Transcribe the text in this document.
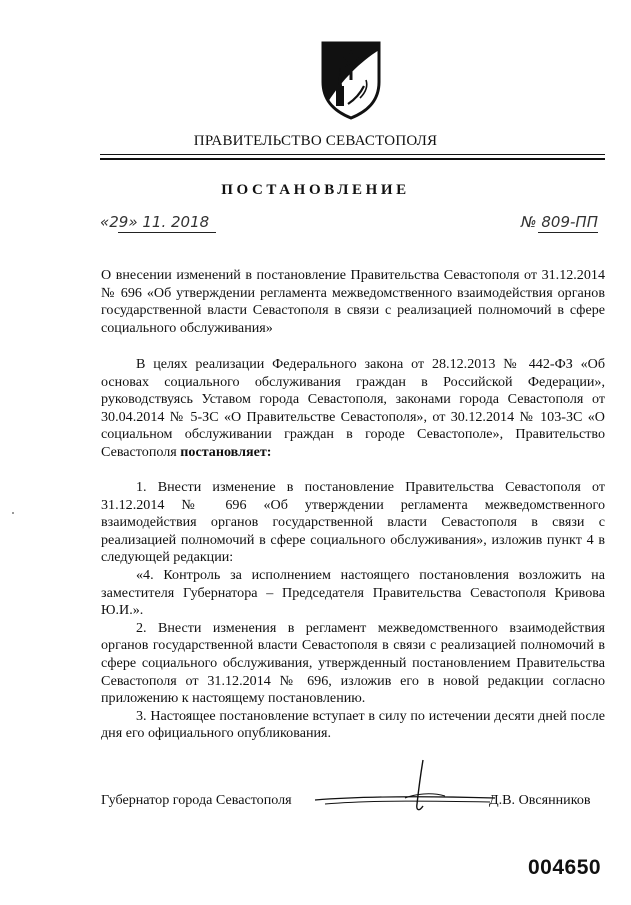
ПРАВИТЕЛЬСТВО СЕВАСТОПОЛЯ
ПОСТАНОВЛЕНИЕ
«29» 11. 2018	№ 809-ПП

О внесении изменений в постановление Правительства Севастополя от 31.12.2014 № 696 «Об утверждении регламента межведомственного взаимодействия органов государственной власти Севастополя в связи с реализацией полномочий в сфере социального обслуживания»

В целях реализации Федерального закона от 28.12.2013 № 442-ФЗ «Об основах социального обслуживания граждан в Российской Федерации», руководствуясь Уставом города Севастополя, законами города Севастополя от 30.04.2014 № 5-ЗС «О Правительстве Севастополя», от 30.12.2014 № 103-ЗС «О социальном обслуживании граждан в городе Севастополе», Правительство Севастополя постановляет:

1. Внести изменение в постановление Правительства Севастополя от 31.12.2014 № 696 «Об утверждении регламента межведомственного взаимодействия органов государственной власти Севастополя в связи с реализацией полномочий в сфере социального обслуживания», изложив пункт 4 в следующей редакции:

«4. Контроль за исполнением настоящего постановления возложить на заместителя Губернатора – Председателя Правительства Севастополя Кривова Ю.И.».

2. Внести изменения в регламент межведомственного взаимодействия органов государственной власти Севастополя в связи с реализацией полномочий в сфере социального обслуживания, утвержденный постановлением Правительства Севастополя от 31.12.2014 № 696, изложив его в новой редакции согласно приложению к настоящему постановлению.

3. Настоящее постановление вступает в силу по истечении десяти дней после дня его официального опубликования.

Губернатор города Севастополя	Д.В. Овсянников
004650
